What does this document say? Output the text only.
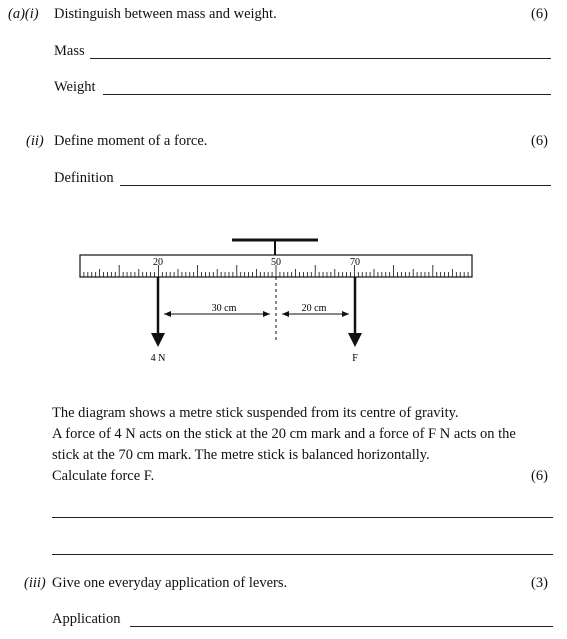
(a)(i) Distinguish between mass and weight.	(6)
Mass
Weight
(ii) Define moment of a force.	(6)
Definition
20	50	70
4 N	F
30 cm	20 cm
The diagram shows a metre stick suspended from its centre of gravity.
A force of 4 N acts on the stick at the 20 cm mark and a force of F N acts on the
stick at the 70 cm mark. The metre stick is balanced horizontally.
Calculate force F.	(6)
(iii) Give one everyday application of levers.	(3)
Application
